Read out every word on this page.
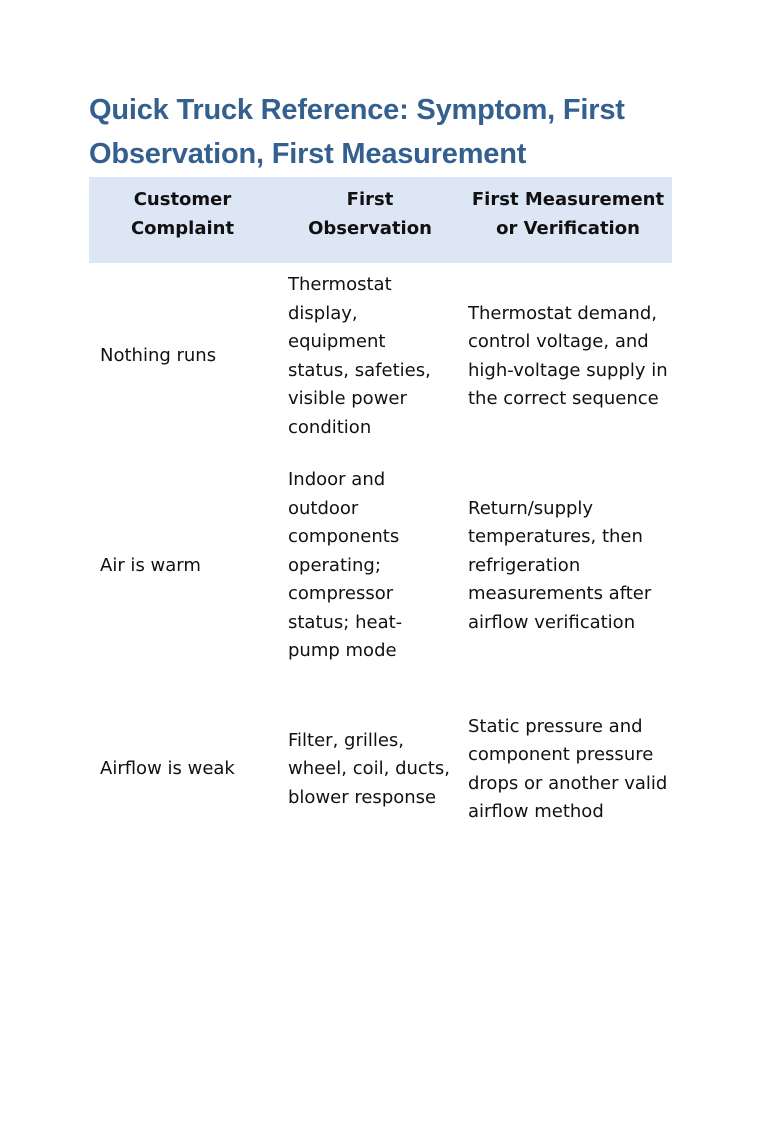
Quick Truck Reference: Symptom, First Observation, First Measurement
Customer Complaint	First Observation	First Measurement or Verification
Nothing runs	Thermostat display, equipment status, safeties, visible power condition	Thermostat demand, control voltage, and high-voltage supply in the correct sequence
Air is warm	Indoor and outdoor components operating; compressor status; heat-pump mode	Return/supply temperatures, then refrigeration measurements after airflow verification
Airflow is weak	Filter, grilles, wheel, coil, ducts, blower response	Static pressure and component pressure drops or another valid airflow method
